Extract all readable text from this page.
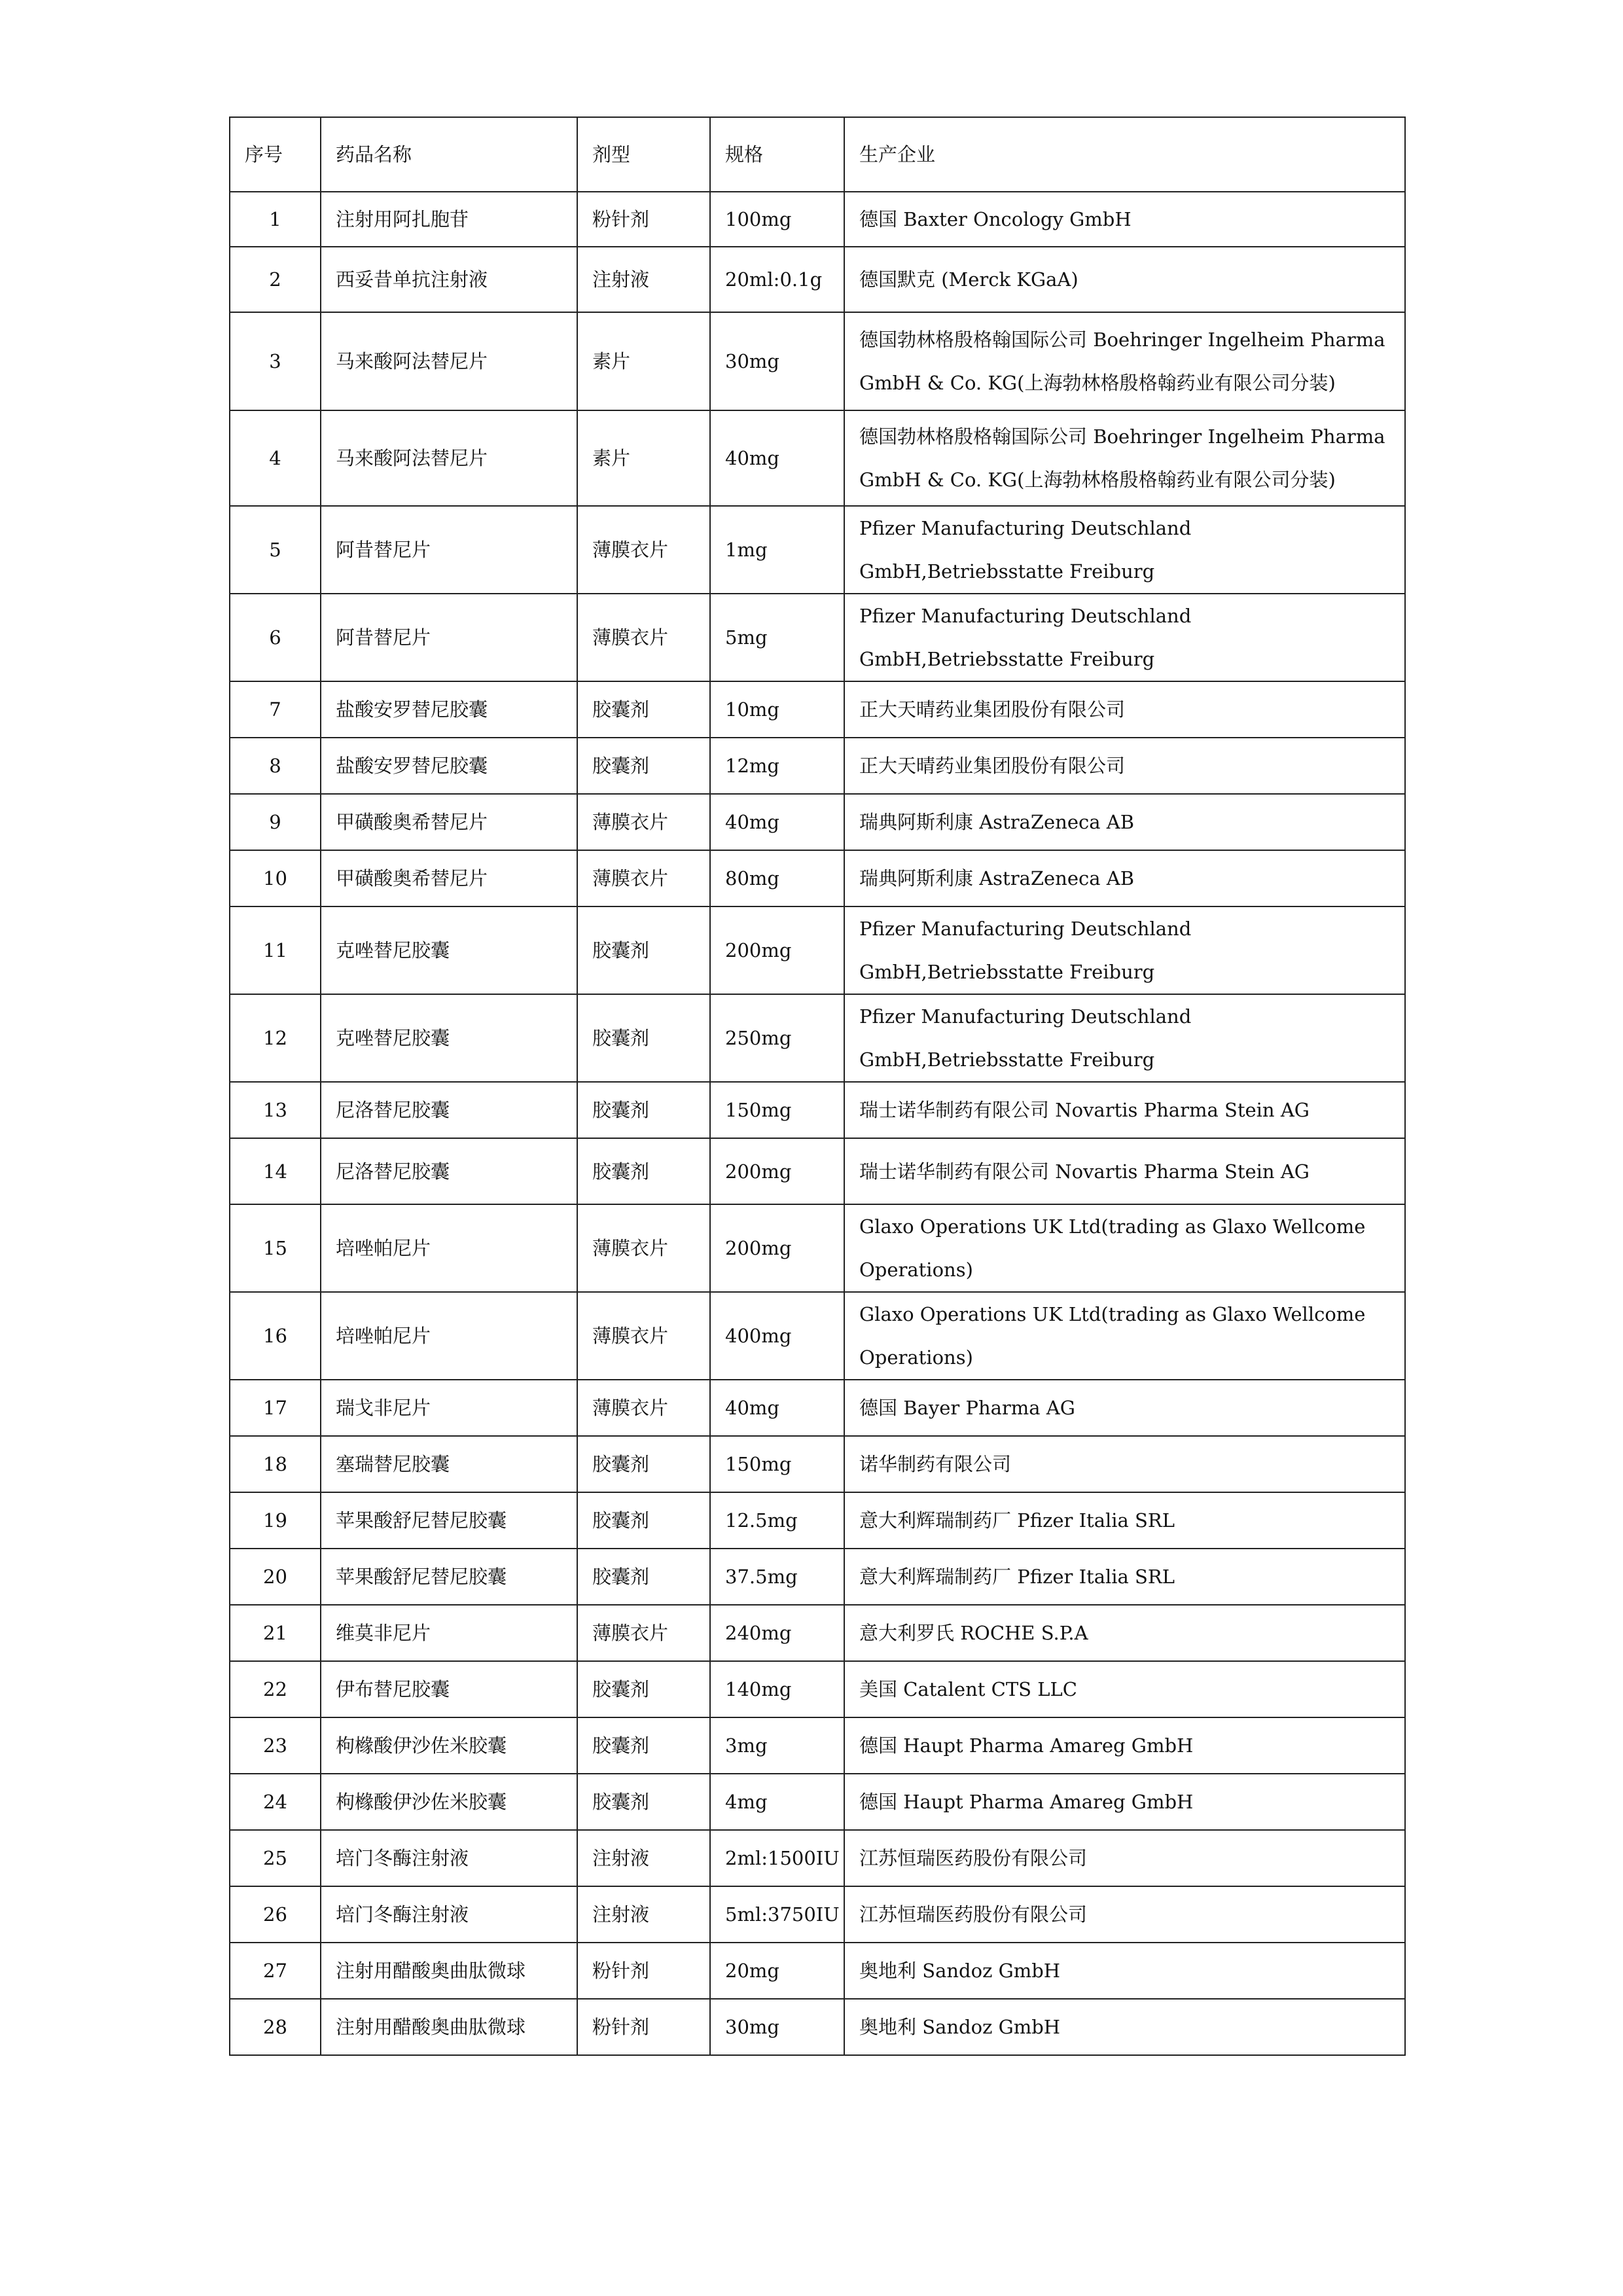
序号	药品名称	剂型	规格	生产企业
1	注射用阿扎胞苷	粉针剂	100mg	德国 Baxter Oncology GmbH
2	西妥昔单抗注射液	注射液	20ml:0.1g	德国默克 (Merck KGaA)
3	马来酸阿法替尼片	素片	30mg	德国勃林格殷格翰国际公司 Boehringer Ingelheim Pharma GmbH & Co. KG(上海勃林格殷格翰药业有限公司分装)
4	马来酸阿法替尼片	素片	40mg	德国勃林格殷格翰国际公司 Boehringer Ingelheim Pharma GmbH & Co. KG(上海勃林格殷格翰药业有限公司分装)
5	阿昔替尼片	薄膜衣片	1mg	Pfizer Manufacturing Deutschland GmbH,Betriebsstatte Freiburg
6	阿昔替尼片	薄膜衣片	5mg	Pfizer Manufacturing Deutschland GmbH,Betriebsstatte Freiburg
7	盐酸安罗替尼胶囊	胶囊剂	10mg	正大天晴药业集团股份有限公司
8	盐酸安罗替尼胶囊	胶囊剂	12mg	正大天晴药业集团股份有限公司
9	甲磺酸奥希替尼片	薄膜衣片	40mg	瑞典阿斯利康 AstraZeneca AB
10	甲磺酸奥希替尼片	薄膜衣片	80mg	瑞典阿斯利康 AstraZeneca AB
11	克唑替尼胶囊	胶囊剂	200mg	Pfizer Manufacturing Deutschland GmbH,Betriebsstatte Freiburg
12	克唑替尼胶囊	胶囊剂	250mg	Pfizer Manufacturing Deutschland GmbH,Betriebsstatte Freiburg
13	尼洛替尼胶囊	胶囊剂	150mg	瑞士诺华制药有限公司 Novartis Pharma Stein AG
14	尼洛替尼胶囊	胶囊剂	200mg	瑞士诺华制药有限公司 Novartis Pharma Stein AG
15	培唑帕尼片	薄膜衣片	200mg	Glaxo Operations UK Ltd(trading as Glaxo Wellcome Operations)
16	培唑帕尼片	薄膜衣片	400mg	Glaxo Operations UK Ltd(trading as Glaxo Wellcome Operations)
17	瑞戈非尼片	薄膜衣片	40mg	德国 Bayer Pharma AG
18	塞瑞替尼胶囊	胶囊剂	150mg	诺华制药有限公司
19	苹果酸舒尼替尼胶囊	胶囊剂	12.5mg	意大利辉瑞制药厂 Pfizer Italia SRL
20	苹果酸舒尼替尼胶囊	胶囊剂	37.5mg	意大利辉瑞制药厂 Pfizer Italia SRL
21	维莫非尼片	薄膜衣片	240mg	意大利罗氏 ROCHE S.P.A
22	伊布替尼胶囊	胶囊剂	140mg	美国 Catalent CTS LLC
23	枸橼酸伊沙佐米胶囊	胶囊剂	3mg	德国 Haupt Pharma Amareg GmbH
24	枸橼酸伊沙佐米胶囊	胶囊剂	4mg	德国 Haupt Pharma Amareg GmbH
25	培门冬酶注射液	注射液	2ml:1500IU	江苏恒瑞医药股份有限公司
26	培门冬酶注射液	注射液	5ml:3750IU	江苏恒瑞医药股份有限公司
27	注射用醋酸奥曲肽微球	粉针剂	20mg	奥地利 Sandoz GmbH
28	注射用醋酸奥曲肽微球	粉针剂	30mg	奥地利 Sandoz GmbH
